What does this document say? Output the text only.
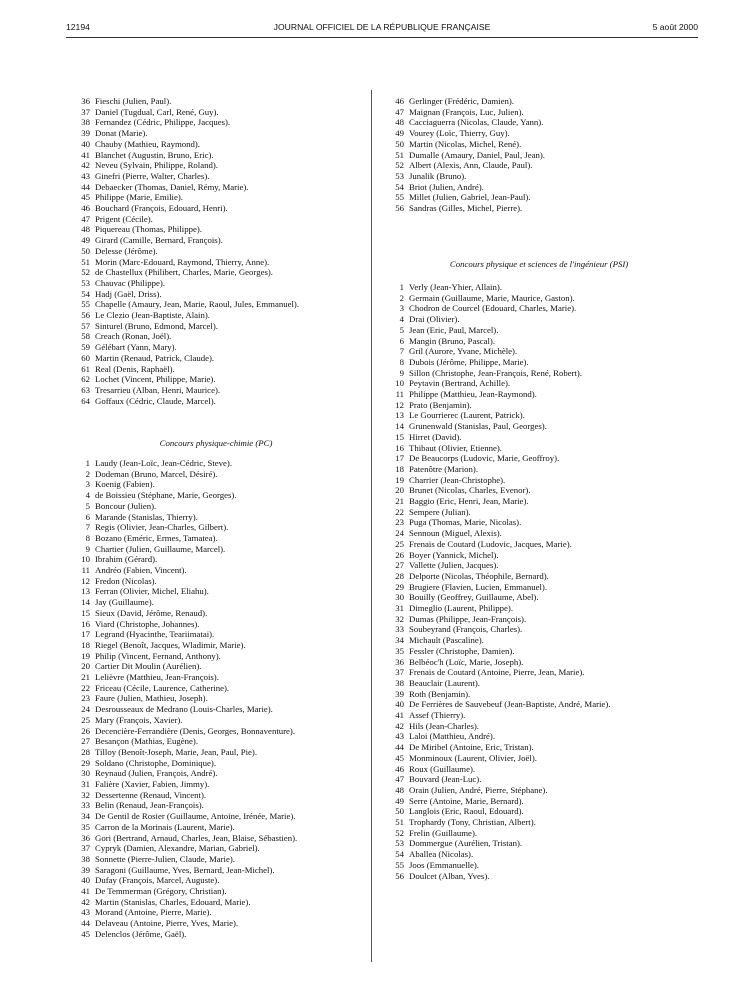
12194	JOURNAL OFFICIEL DE LA RÉPUBLIQUE FRANÇAISE	5 août 2000
36 Fieschi (Julien, Paul).
37 Daniel (Tugdual, Carl, René, Guy).
38 Fernandez (Cédric, Philippe, Jacques).
39 Donat (Marie).
40 Chauby (Mathieu, Raymond).
41 Blanchet (Augustin, Bruno, Eric).
42 Neveu (Sylvain, Philippe, Roland).
43 Ginefri (Pierre, Walter, Charles).
44 Debaecker (Thomas, Daniel, Rémy, Marie).
45 Philippe (Marie, Emilie).
46 Bouchard (François, Edouard, Henri).
47 Prigent (Cécile).
48 Piquereau (Thomas, Philippe).
49 Girard (Camille, Bernard, François).
50 Delesse (Jérôme).
51 Morin (Marc-Edouard, Raymond, Thierry, Anne).
52 de Chastellux (Philibert, Charles, Marie, Georges).
53 Chauvac (Philippe).
54 Hadj (Gaël, Driss).
55 Chapelle (Amaury, Jean, Marie, Raoul, Jules, Emmanuel).
56 Le Clezio (Jean-Baptiste, Alain).
57 Sinturel (Bruno, Edmond, Marcel).
58 Creach (Ronan, Joël).
59 Gélébart (Yann, Mary).
60 Martin (Renaud, Patrick, Claude).
61 Real (Denis, Raphaël).
62 Lochet (Vincent, Philippe, Marie).
63 Tresarrieu (Alban, Henri, Maurice).
64 Goffaux (Cédric, Claude, Marcel).
Concours physique-chimie (PC)
1 Laudy (Jean-Loïc, Jean-Cédric, Steve).
2 Dodeman (Bruno, Marcel, Désiré).
3 Koenig (Fabien).
4 de Boissieu (Stéphane, Marie, Georges).
5 Boncour (Julien).
6 Marande (Stanislas, Thierry).
7 Regis (Olivier, Jean-Charles, Gilbert).
8 Bozano (Eméric, Ermes, Tamatea).
9 Chartier (Julien, Guillaume, Marcel).
10 Ibrahim (Gérard).
11 Andréo (Fabien, Vincent).
12 Fredon (Nicolas).
13 Ferran (Olivier, Michel, Eliahu).
14 Jay (Guillaume).
15 Sieux (David, Jérôme, Renaud).
16 Viard (Christophe, Johannes).
17 Legrand (Hyacinthe, Teariimatai).
18 Riegel (Benoît, Jacques, Wladimir, Marie).
19 Philip (Vincent, Fernand, Anthony).
20 Cartier Dit Moulin (Aurélien).
21 Lelièvre (Matthieu, Jean-François).
22 Friceau (Cécile, Laurence, Catherine).
23 Faure (Julien, Mathieu, Joseph).
24 Desrousseaux de Medrano (Louis-Charles, Marie).
25 Mary (François, Xavier).
26 Decencière-Ferrandière (Denis, Georges, Bonnaventure).
27 Besançon (Mathias, Eugène).
28 Tilloy (Benoît-Joseph, Marie, Jean, Paul, Pie).
29 Soldano (Christophe, Dominique).
30 Reynaud (Julien, François, André).
31 Falière (Xavier, Fabien, Jimmy).
32 Dessertenne (Renaud, Vincent).
33 Belin (Renaud, Jean-François).
34 De Gentil de Rosier (Guillaume, Antoine, Irénée, Marie).
35 Carron de la Morinais (Laurent, Marie).
36 Gori (Bertrand, Arnaud, Charles, Jean, Blaise, Sébastien).
37 Cypryk (Damien, Alexandre, Marian, Gabriel).
38 Sonnette (Pierre-Julien, Claude, Marie).
39 Saragoni (Guillaume, Yves, Bernard, Jean-Michel).
40 Dufay (François, Marcel, Auguste).
41 De Temmerman (Grégory, Christian).
42 Martin (Stanislas, Charles, Edouard, Marie).
43 Morand (Antoine, Pierre, Marie).
44 Delaveau (Antoine, Pierre, Yves, Marie).
45 Delenclos (Jérôme, Gaël).
46 Gerlinger (Frédéric, Damien).
47 Maignan (François, Luc, Julien).
48 Cacciaguerra (Nicolas, Claude, Yann).
49 Vourey (Loïc, Thierry, Guy).
50 Martin (Nicolas, Michel, René).
51 Dumalle (Amaury, Daniel, Paul, Jean).
52 Albert (Alexis, Ann, Claude, Paul).
53 Junalik (Bruno).
54 Briot (Julien, André).
55 Millet (Julien, Gabriel, Jean-Paul).
56 Sandras (Gilles, Michel, Pierre).
Concours physique et sciences de l'ingénieur (PSI)
1 Verly (Jean-Yhier, Allain).
2 Germain (Guillaume, Marie, Maurice, Gaston).
3 Chodron de Courcel (Edouard, Charles, Marie).
4 Drai (Olivier).
5 Jean (Eric, Paul, Marcel).
6 Mangin (Bruno, Pascal).
7 Gril (Aurore, Yvane, Michèle).
8 Dubois (Jérôme, Philippe, Marie).
9 Sillon (Christophe, Jean-François, René, Robert).
10 Peytavin (Bertrand, Achille).
11 Philippe (Matthieu, Jean-Raymond).
12 Prato (Benjamin).
13 Le Gourrierec (Laurent, Patrick).
14 Grunenwald (Stanislas, Paul, Georges).
15 Hirret (David).
16 Thibaut (Olivier, Etienne).
17 De Beaucorps (Ludovic, Marie, Geoffroy).
18 Patenôtre (Marion).
19 Charrier (Jean-Christophe).
20 Brunet (Nicolas, Charles, Evenor).
21 Baggio (Eric, Henri, Jean, Marie).
22 Sempere (Julian).
23 Puga (Thomas, Marie, Nicolas).
24 Sennoun (Miguel, Alexis).
25 Frenais de Coutard (Ludovic, Jacques, Marie).
26 Boyer (Yannick, Michel).
27 Vallette (Julien, Jacques).
28 Delporte (Nicolas, Théophile, Bernard).
29 Brugiere (Flavien, Lucien, Emmanuel).
30 Bouilly (Geoffrey, Guillaume, Abel).
31 Dimeglio (Laurent, Philippe).
32 Dumas (Philippe, Jean-François).
33 Soubeyrand (François, Charles).
34 Michault (Pascaline).
35 Fessler (Christophe, Damien).
36 Belbéoc'h (Loïc, Marie, Joseph).
37 Frenais de Coutard (Antoine, Pierre, Jean, Marie).
38 Beauclair (Laurent).
39 Roth (Benjamin).
40 De Ferrières de Sauvebeuf (Jean-Baptiste, André, Marie).
41 Assef (Thierry).
42 Hils (Jean-Charles).
43 Laloi (Matthieu, André).
44 De Miribel (Antoine, Eric, Tristan).
45 Monminoux (Laurent, Olivier, Joël).
46 Roux (Guillaume).
47 Bouvard (Jean-Luc).
48 Orain (Julien, André, Pierre, Stéphane).
49 Serre (Antoine, Marie, Bernard).
50 Langlois (Eric, Raoul, Edouard).
51 Trophardy (Tony, Christian, Albert).
52 Frelin (Guillaume).
53 Dommergue (Aurélien, Tristan).
54 Aballea (Nicolas).
55 Joos (Emmanuelle).
56 Doulcet (Alban, Yves).
